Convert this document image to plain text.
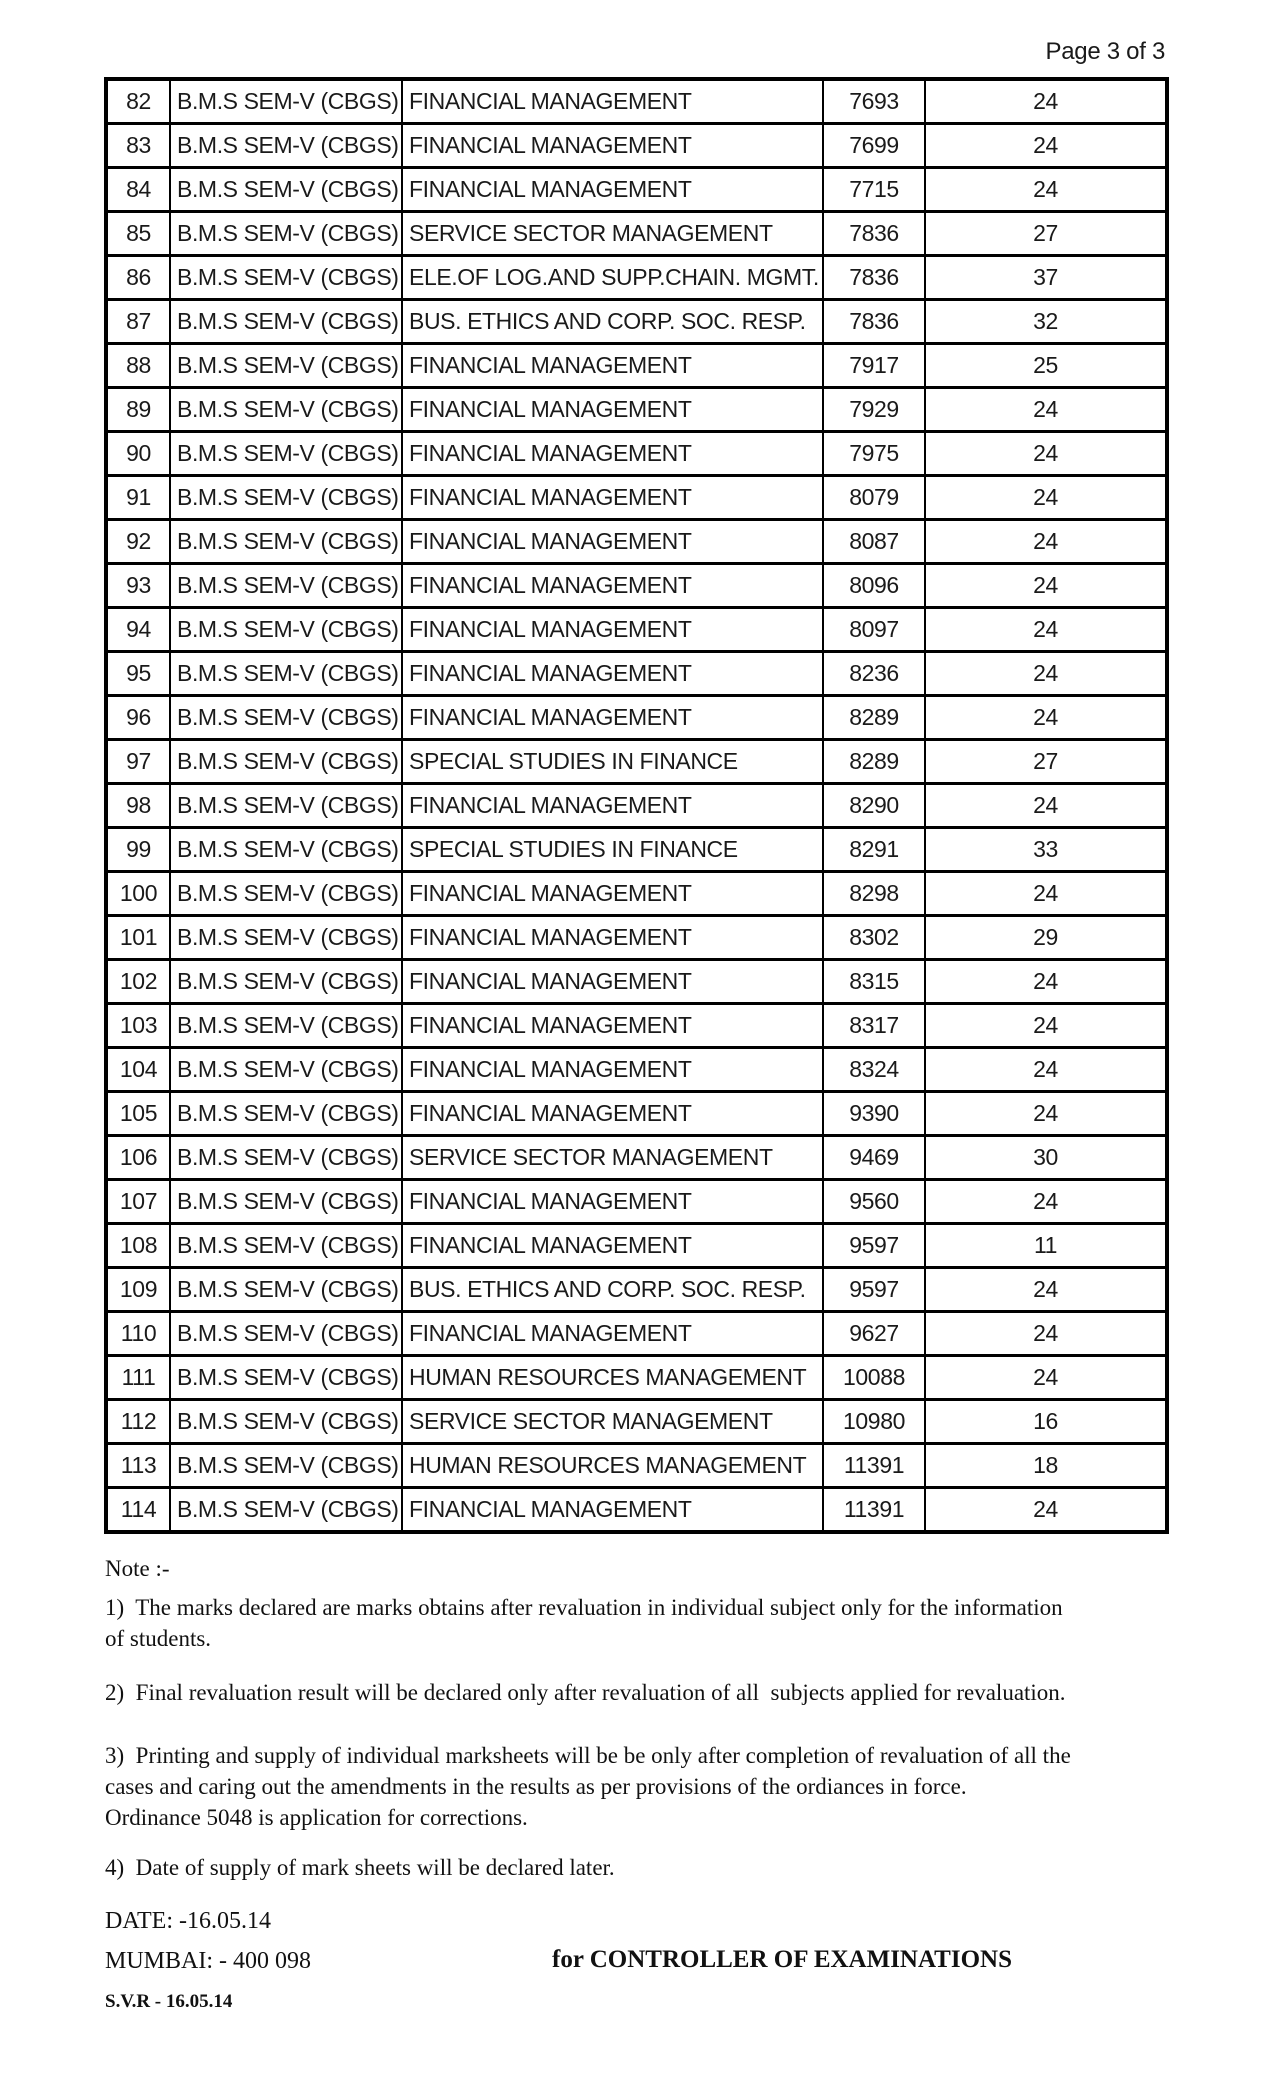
Page 3 of 3
82	B.M.S SEM-V (CBGS)	FINANCIAL MANAGEMENT	7693	24
83	B.M.S SEM-V (CBGS)	FINANCIAL MANAGEMENT	7699	24
84	B.M.S SEM-V (CBGS)	FINANCIAL MANAGEMENT	7715	24
85	B.M.S SEM-V (CBGS)	SERVICE SECTOR MANAGEMENT	7836	27
86	B.M.S SEM-V (CBGS)	ELE.OF LOG.AND SUPP.CHAIN. MGMT.	7836	37
87	B.M.S SEM-V (CBGS)	BUS. ETHICS AND CORP. SOC. RESP.	7836	32
88	B.M.S SEM-V (CBGS)	FINANCIAL MANAGEMENT	7917	25
89	B.M.S SEM-V (CBGS)	FINANCIAL MANAGEMENT	7929	24
90	B.M.S SEM-V (CBGS)	FINANCIAL MANAGEMENT	7975	24
91	B.M.S SEM-V (CBGS)	FINANCIAL MANAGEMENT	8079	24
92	B.M.S SEM-V (CBGS)	FINANCIAL MANAGEMENT	8087	24
93	B.M.S SEM-V (CBGS)	FINANCIAL MANAGEMENT	8096	24
94	B.M.S SEM-V (CBGS)	FINANCIAL MANAGEMENT	8097	24
95	B.M.S SEM-V (CBGS)	FINANCIAL MANAGEMENT	8236	24
96	B.M.S SEM-V (CBGS)	FINANCIAL MANAGEMENT	8289	24
97	B.M.S SEM-V (CBGS)	SPECIAL STUDIES IN FINANCE	8289	27
98	B.M.S SEM-V (CBGS)	FINANCIAL MANAGEMENT	8290	24
99	B.M.S SEM-V (CBGS)	SPECIAL STUDIES IN FINANCE	8291	33
100	B.M.S SEM-V (CBGS)	FINANCIAL MANAGEMENT	8298	24
101	B.M.S SEM-V (CBGS)	FINANCIAL MANAGEMENT	8302	29
102	B.M.S SEM-V (CBGS)	FINANCIAL MANAGEMENT	8315	24
103	B.M.S SEM-V (CBGS)	FINANCIAL MANAGEMENT	8317	24
104	B.M.S SEM-V (CBGS)	FINANCIAL MANAGEMENT	8324	24
105	B.M.S SEM-V (CBGS)	FINANCIAL MANAGEMENT	9390	24
106	B.M.S SEM-V (CBGS)	SERVICE SECTOR MANAGEMENT	9469	30
107	B.M.S SEM-V (CBGS)	FINANCIAL MANAGEMENT	9560	24
108	B.M.S SEM-V (CBGS)	FINANCIAL MANAGEMENT	9597	11
109	B.M.S SEM-V (CBGS)	BUS. ETHICS AND CORP. SOC. RESP.	9597	24
110	B.M.S SEM-V (CBGS)	FINANCIAL MANAGEMENT	9627	24
111	B.M.S SEM-V (CBGS)	HUMAN RESOURCES MANAGEMENT	10088	24
112	B.M.S SEM-V (CBGS)	SERVICE SECTOR MANAGEMENT	10980	16
113	B.M.S SEM-V (CBGS)	HUMAN RESOURCES MANAGEMENT	11391	18
114	B.M.S SEM-V (CBGS)	FINANCIAL MANAGEMENT	11391	24
Note :-
1)  The marks declared are marks obtains after revaluation in individual subject only for the information
of students.
2)  Final revaluation result will be declared only after revaluation of all  subjects applied for revaluation.
3)  Printing and supply of individual marksheets will be be only after completion of revaluation of all the
cases and caring out the amendments in the results as per provisions of the ordiances in force.
Ordinance 5048 is application for corrections.
4)  Date of supply of mark sheets will be declared later.
DATE: -16.05.14
MUMBAI: - 400 098	for CONTROLLER OF EXAMINATIONS
S.V.R - 16.05.14
